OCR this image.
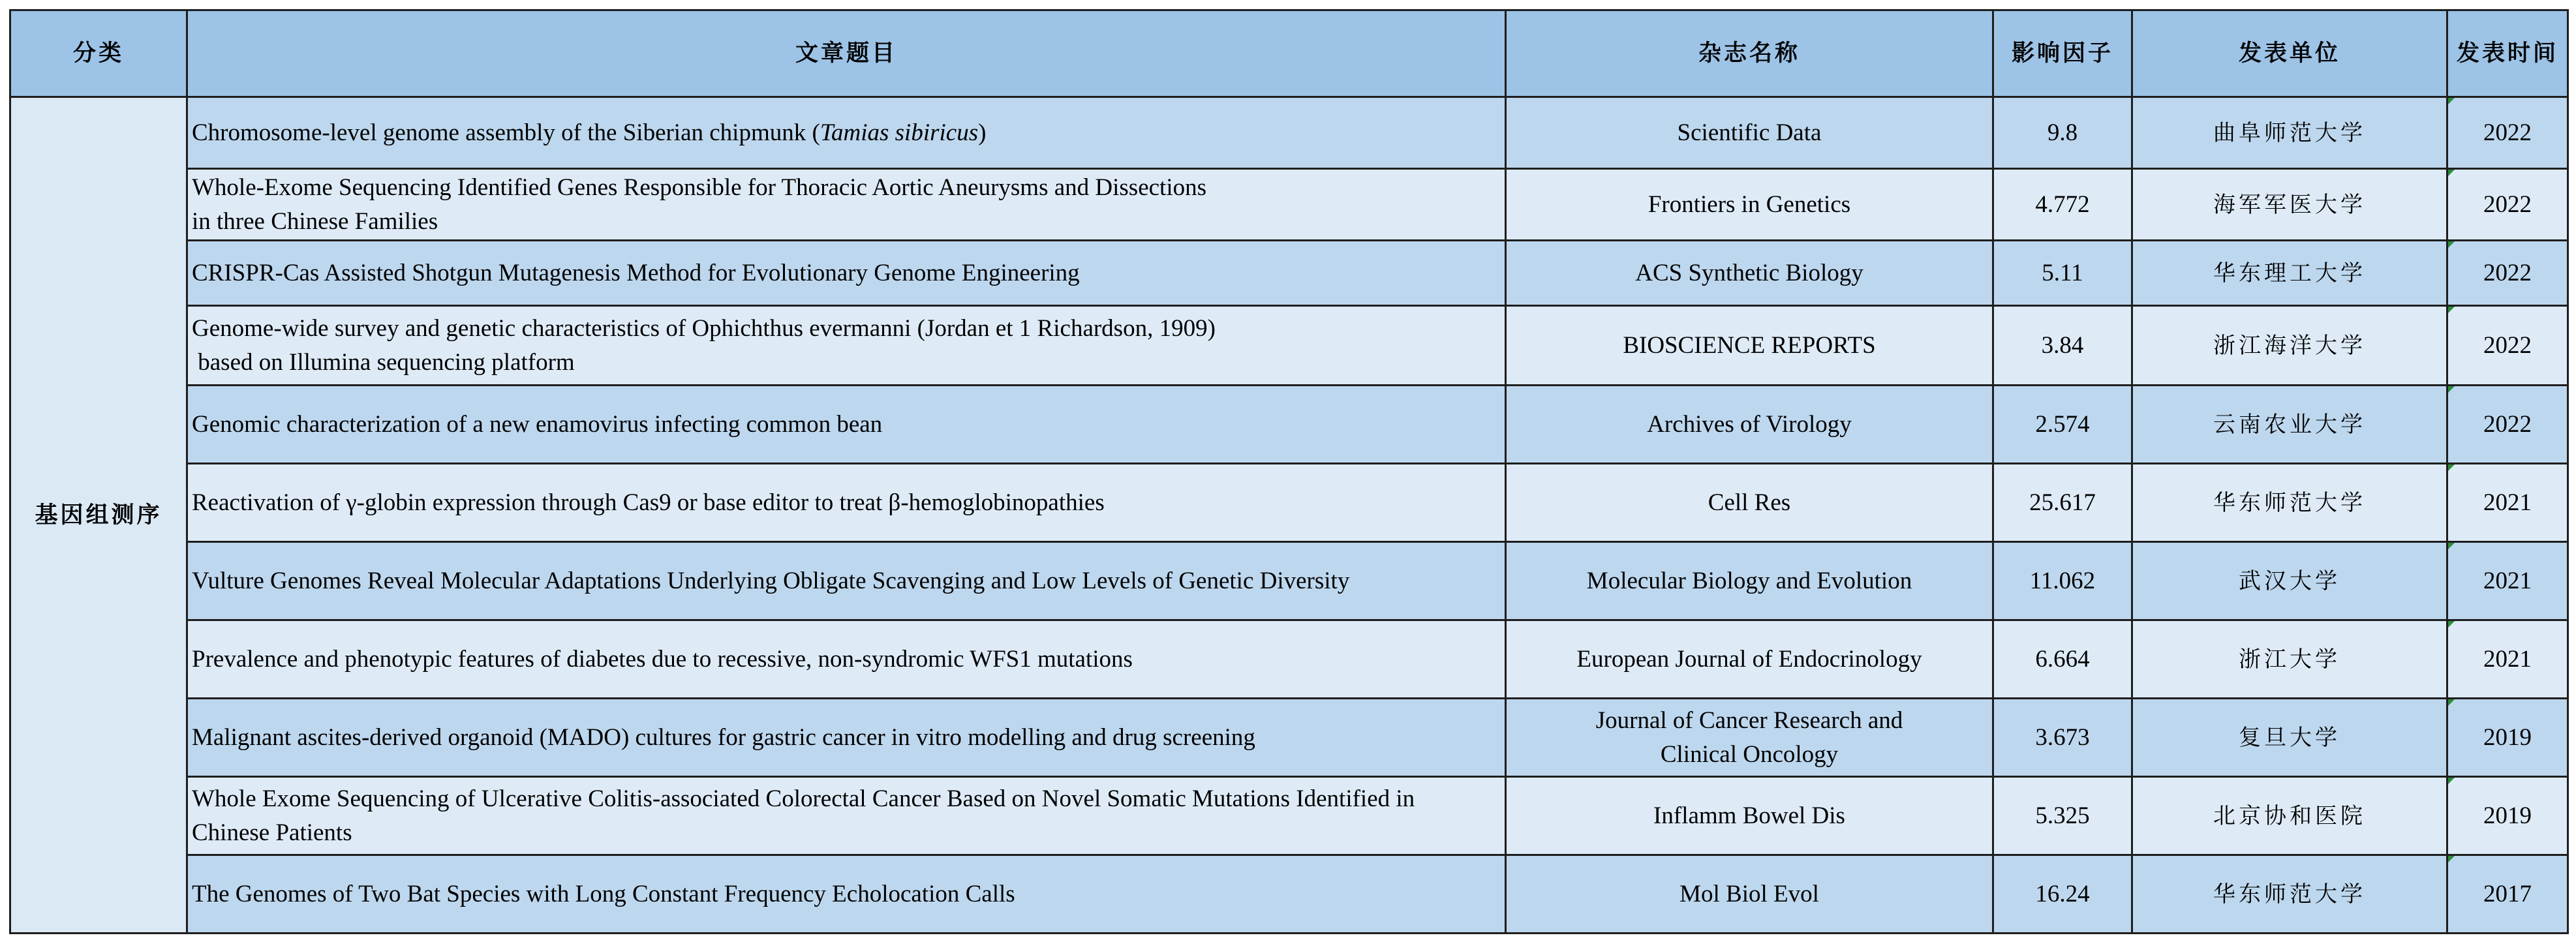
分类	文章题目	杂志名称	影响因子	发表单位	发表时间
基因组测序	Chromosome-level genome assembly of the Siberian chipmunk (Tamias sibiricus)	Scientific Data	9.8	曲阜师范大学	2022

	Whole-Exome Sequencing Identified Genes Responsible for Thoracic Aortic Aneurysms and Dissections
in three Chinese Families	Frontiers in Genetics	4.772	海军军医大学	2022
	CRISPR-Cas Assisted Shotgun Mutagenesis Method for Evolutionary Genome Engineering	ACS Synthetic Biology	5.11	华东理工大学	2022

	Genome-wide survey and genetic characteristics of Ophichthus evermanni (Jordan et 1 Richardson, 1909)
based on Illumina sequencing platform	BIOSCIENCE REPORTS	3.84	浙江海洋大学	2022
	Genomic characterization of a new enamovirus infecting common bean	Archives of Virology	2.574	云南农业大学	2022
	Reactivation of γ-globin expression through Cas9 or base editor to treat β-hemoglobinopathies	Cell Res	25.617	华东师范大学	2021
	Vulture Genomes Reveal Molecular Adaptations Underlying Obligate Scavenging and Low Levels of Genetic Diversity	Molecular Biology and Evolution	11.062	武汉大学	2021
	Prevalence and phenotypic features of diabetes due to recessive, non-syndromic WFS1 mutations	European Journal of Endocrinology	6.664	浙江大学	2021
	Malignant ascites-derived organoid (MADO) cultures for gastric cancer in vitro modelling and drug screening	Journal of Cancer Research and
Clinical Oncology	3.673	复旦大学	2019

	Whole Exome Sequencing of Ulcerative Colitis-associated Colorectal Cancer Based on Novel Somatic Mutations Identified in
Chinese Patients	Inflamm Bowel Dis	5.325	北京协和医院	2019
	The Genomes of Two Bat Species with Long Constant Frequency Echolocation Calls	Mol Biol Evol	16.24	华东师范大学	2017
